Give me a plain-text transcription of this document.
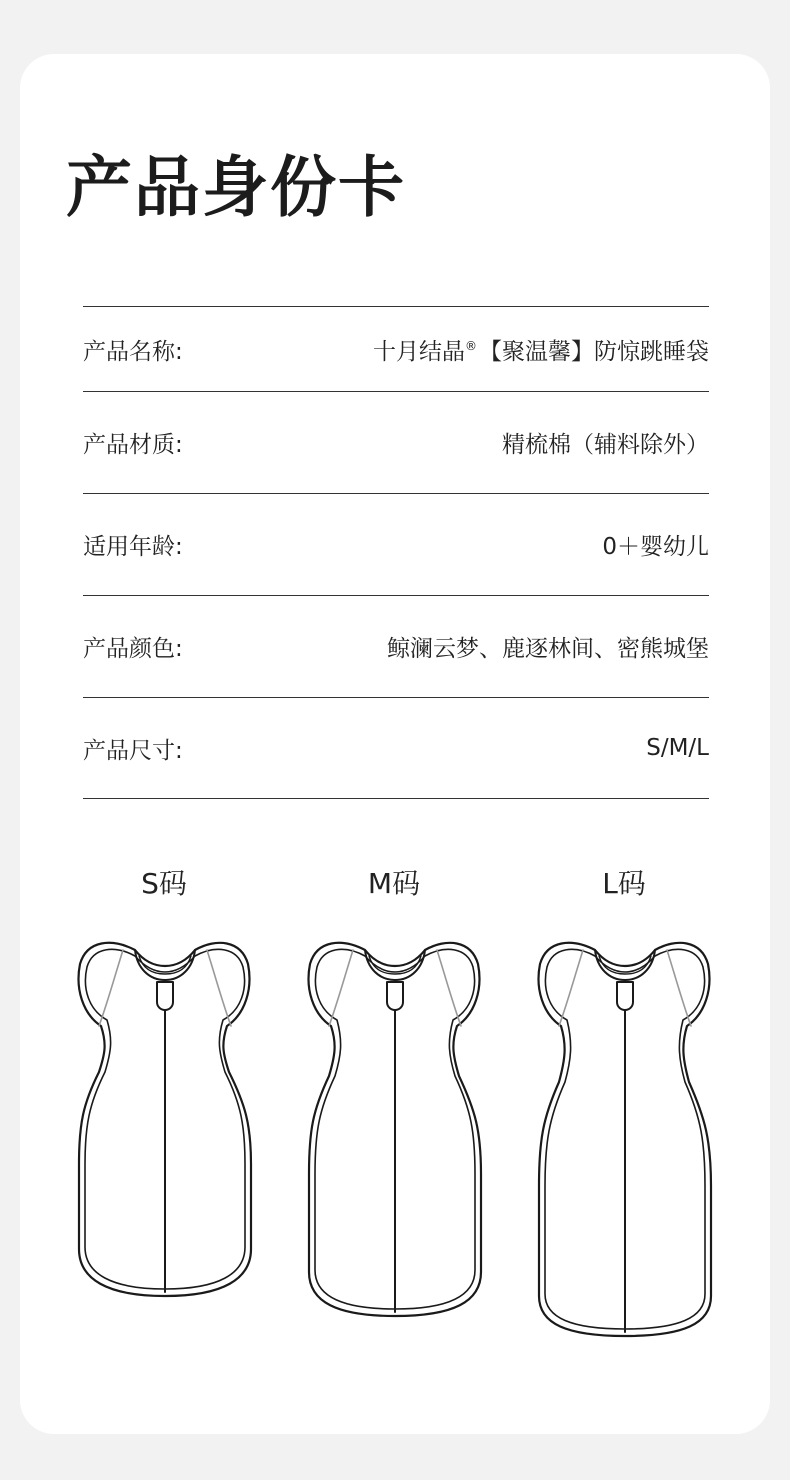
产品身份卡
产品名称:	十月结晶®【聚温馨】防惊跳睡袋
产品材质:	精梳棉（辅料除外）
适用年龄:	0＋婴幼儿
产品颜色:	鲸澜云梦、鹿逐林间、密熊城堡
产品尺寸:	S/M/L
S码	M码	L码
